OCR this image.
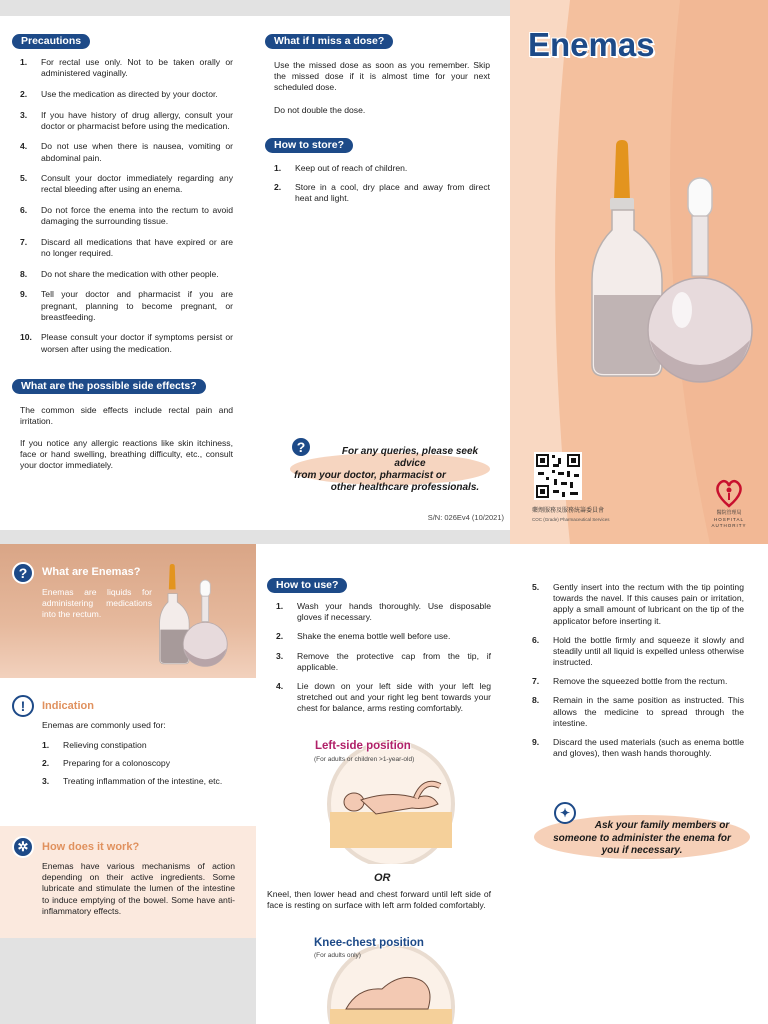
Precautions
1. For rectal use only. Not to be taken orally or administered vaginally.
2. Use the medication as directed by your doctor.
3. If you have history of drug allergy, consult your doctor or pharmacist before using the medication.
4. Do not use when there is nausea, vomiting or abdominal pain.
5. Consult your doctor immediately regarding any rectal bleeding after using an enema.
6. Do not force the enema into the rectum to avoid damaging the surrounding tissue.
7. Discard all medications that have expired or are no longer required.
8. Do not share the medication with other people.
9. Tell your doctor and pharmacist if you are pregnant, planning to become pregnant, or breastfeeding.
10. Please consult your doctor if symptoms persist or worsen after using the medication.
What are the possible side effects?

The common side effects include rectal pain and irritation.

If you notice any allergic reactions like skin itchiness, face or hand swelling, breathing difficulty, etc., consult your doctor immediately.

What if I miss a dose?

Use the missed dose as soon as you remember. Skip the missed dose if it is almost time for your next scheduled dose.

Do not double the dose.

How to store?
1. Keep out of reach of children.
2. Store in a cool, dry place and away from direct heat and light.
?	For any queries, please seek advice
from your doctor, pharmacist or
other healthcare professionals.
S/N: 026Ev4 (10/2021)
Enemas
藥劑服務及服務統籌委員會
COC (Grade) Pharmaceutical Services
醫院管理局
HOSPITAL
AUTHORITY
?	What are Enemas?

Enemas are liquids for administering medications into the rectum.

!	Indication

Enemas are commonly used for:

1. Relieving constipation
2. Preparing for a colonoscopy
3. Treating inflammation of the intestine, etc.
✲	How does it work?

Enemas have various mechanisms of action depending on their active ingredients. Some lubricate and stimulate the lumen of the intestine to induce emptying of the bowel. Some have anti-inflammatory effects.

How to use?
1. Wash your hands thoroughly. Use disposable gloves if necessary.
2. Shake the enema bottle well before use.
3. Remove the protective cap from the tip, if applicable.
4. Lie down on your left side with your left leg stretched out and your right leg bent towards your chest for balance, arms resting comfortably.
Left-side position
(For adults or children >1-year-old)
OR

Kneel, then lower head and chest forward until left side of face is resting on surface with left arm folded comfortably.

Knee-chest position
(For adults only)
5. Gently insert into the rectum with the tip pointing towards the navel. If this causes pain or irritation, apply a small amount of lubricant on the tip of the applicator before inserting it.
6. Hold the bottle firmly and squeeze it slowly and steadily until all liquid is expelled unless otherwise instructed.
7. Remove the squeezed bottle from the rectum.
8. Remain in the same position as instructed. This allows the medicine to spread through the intestine.
9. Discard the used materials (such as enema bottle and gloves), then wash hands thoroughly.
✦
Ask your family members or
someone to administer the enema for
you if necessary.
